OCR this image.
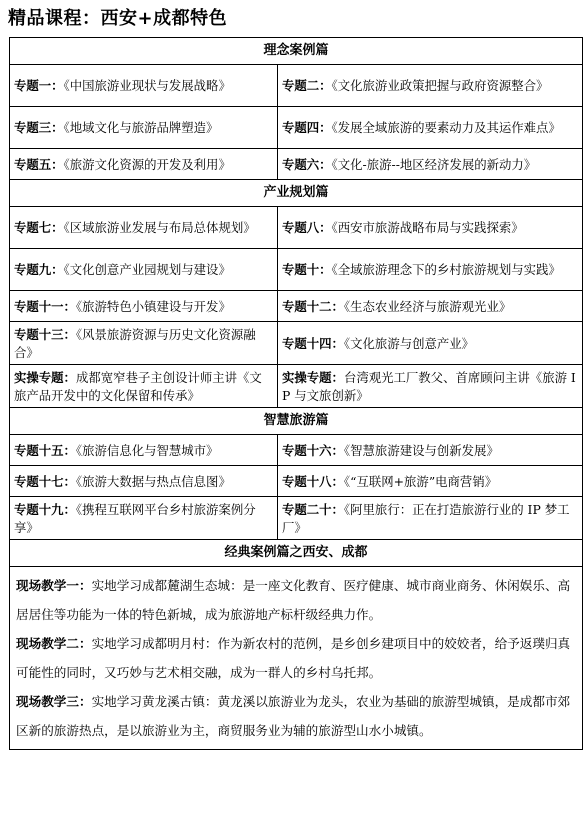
精品课程：西安+成都特色
理念案例篇	
专题一：《中国旅游业现状与发展战略》	专题二：《文化旅游业政策把握与政府资源整合》
专题三：《地域文化与旅游品牌塑造》	专题四：《发展全域旅游的要素动力及其运作难点》
专题五：《旅游文化资源的开发及利用》	专题六：《文化-旅游--地区经济发展的新动力》
产业规划篇	
专题七：《区域旅游业发展与布局总体规划》	专题八：《西安市旅游战略布局与实践探索》
专题九：《文化创意产业园规划与建设》	专题十：《全域旅游理念下的乡村旅游规划与实践》
专题十一：《旅游特色小镇建设与开发》	专题十二：《生态农业经济与旅游观光业》
专题十三：《风景旅游资源与历史文化资源融合》	专题十四：《文化旅游与创意产业》
实操专题：成都宽窄巷子主创设计师主讲《文旅产品开发中的文化保留和传承》	实操专题：台湾观光工厂教父、首席顾问主讲《旅游 IP 与文旅创新》
智慧旅游篇	
专题十五：《旅游信息化与智慧城市》	专题十六：《智慧旅游建设与创新发展》
专题十七：《旅游大数据与热点信息图》	专题十八：《“互联网+旅游”电商营销》
专题十九：《携程互联网平台乡村旅游案例分享》	专题二十：《阿里旅行：正在打造旅游行业的 IP 梦工厂》
经典案例篇之西安、成都	

现场教学一：实地学习成都麓湖生态城：是一座文化教育、医疗健康、城市商业商务、休闲娱乐、高居居住等功能为一体的特色新城，成为旅游地产标杆级经典力作。
现场教学二：实地学习成都明月村：作为新农村的范例，是乡创乡建项目中的姣姣者，给予返璞归真可能性的同时，又巧妙与艺术相交融，成为一群人的乡村乌托邦。
现场教学三：实地学习黄龙溪古镇：黄龙溪以旅游业为龙头，农业为基础的旅游型城镇，是成都市郊区新的旅游热点，是以旅游业为主，商贸服务业为辅的旅游型山水小城镇。	
